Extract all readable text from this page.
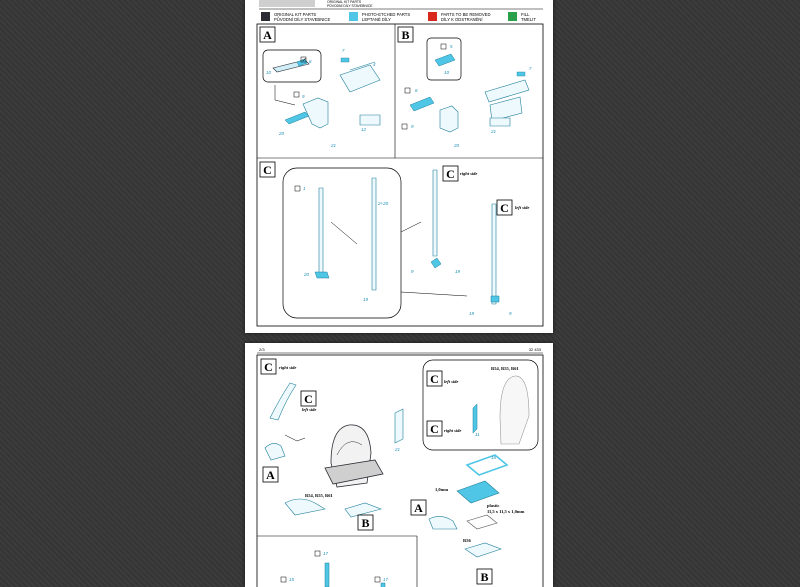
ORIGINAL KIT PARTS
PŮVODNÍ DÍLY STAVEBNICE
ORIGINAL KIT PARTS
PŮVODNÍ DÍLY STAVEBNICE
PHOTO-ETCHED PARTS
LEPTANÉ DÍLY
PARTS TO BE REMOVED
DÍLY K ODSTRANĚNÍ
FILL
TMELIT
A
10
6
7
4
9
20
21
12
B
5
10
7
6
9
20
21
C
1
2+20
20
19
C right side
9	19
C left side
19	9
2/3	32 433
C right side
C
left side
21
R54, R55, R61
A
B
R54, R55, R61
C left side
C right side
11
16
1,0mm
plastic
11,5 x 11,5 x 1,0mm
A
R56
B
17
15	17
